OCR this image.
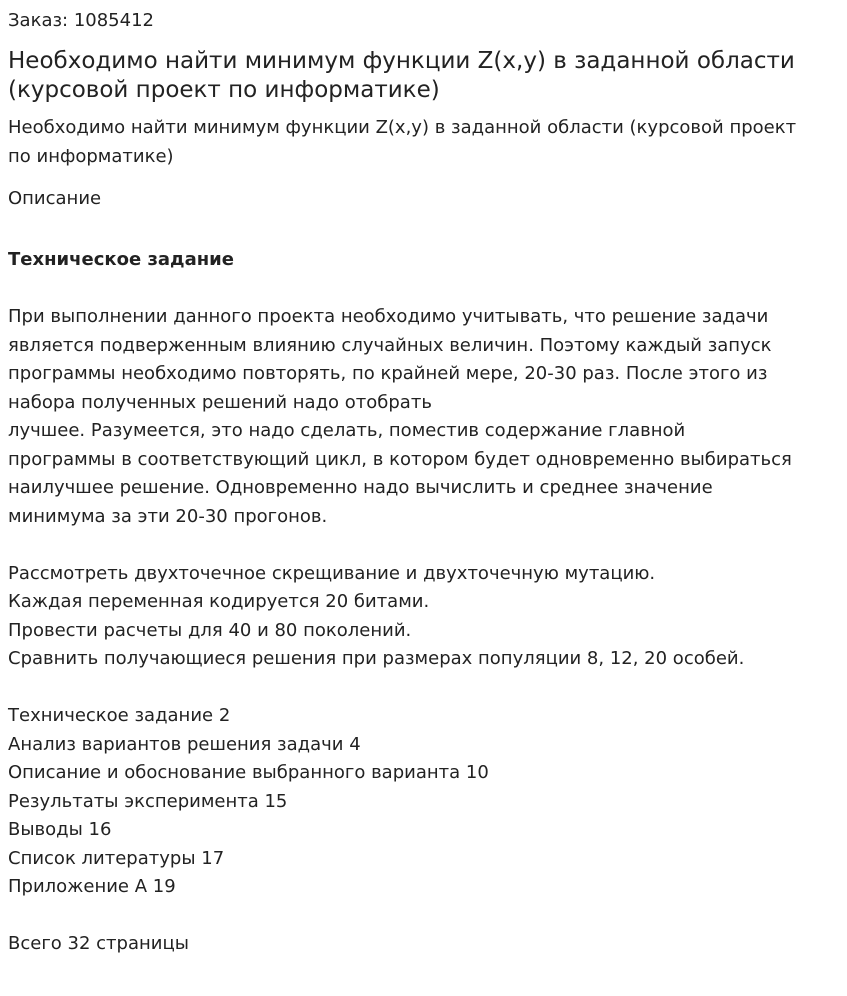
Заказ: 1085412

Необходимо найти минимум функции Z(x,y) в заданной области (курсовой проект по информатике)

Необходимо найти минимум функции Z(x,y) в заданной области (курсовой проект по информатике)

Описание

Техническое задание

При выполнении данного проекта необходимо учитывать, что решение задачи
является подверженным влиянию случайных величин. Поэтому каждый запуск
программы необходимо повторять, по крайней мере, 20-30 раз. После этого из
набора полученных решений надо отобрать
лучшее. Разумеется, это надо сделать, поместив содержание главной
программы в соответствующий цикл, в котором будет одновременно выбираться
наилучшее решение. Одновременно надо вычислить и среднее значение
минимума за эти 20-30 прогонов.
Рассмотреть двухточечное скрещивание и двухточечную мутацию.
Каждая переменная кодируется 20 битами.
Провести расчеты для 40 и 80 поколений.
Сравнить получающиеся решения при размерах популяции 8, 12, 20 особей.
Техническое задание 2
Анализ вариантов решения задачи 4
Описание и обоснование выбранного варианта 10
Результаты эксперимента 15
Выводы 16
Список литературы 17
Приложение А 19
Всего 32 страницы
